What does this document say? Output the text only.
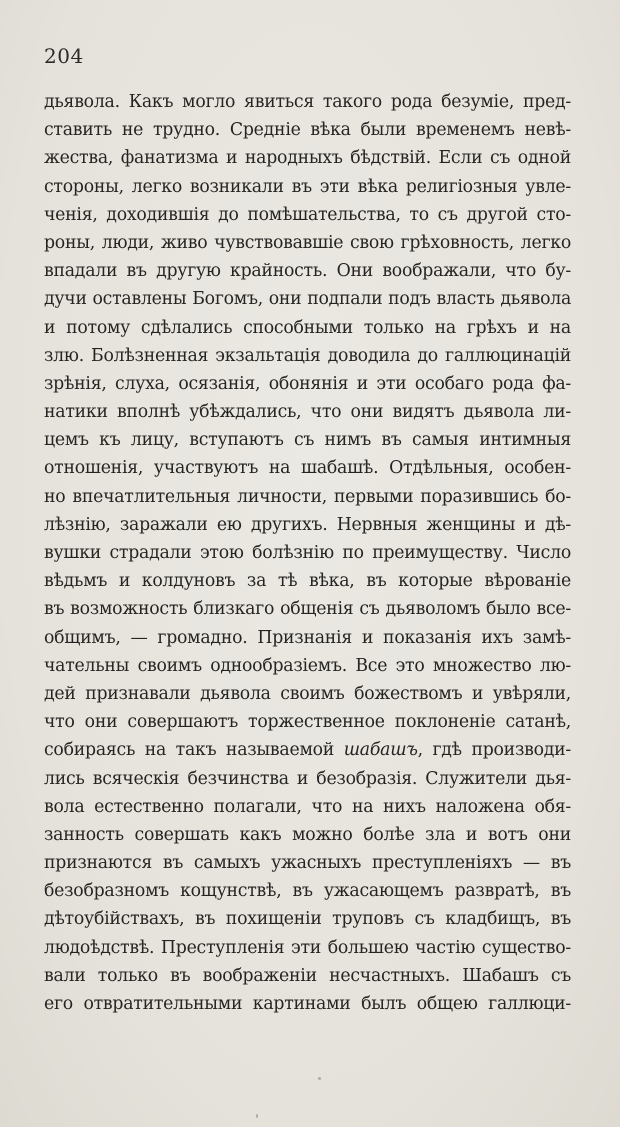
204
дьявола. Какъ могло явиться такого рода безуміе, пред-
ставить не трудно. Средніе вѣка были временемъ невѣ-
жества, фанатизма и народныхъ бѣдствій. Если съ одной
стороны, легко возникали въ эти вѣка религіозныя увле-
ченія, доходившія до помѣшательства, то съ другой сто-
роны, люди, живо чувствовавшіе свою грѣховность, легко
впадали въ другую крайность. Они воображали, что бу-
дучи оставлены Богомъ, они подпали подъ власть дьявола
и потому сдѣлались способными только на грѣхъ и на
злю. Болѣзненная экзальтація доводила до галлюцинацій
зрѣнія, слуха, осязанія, обонянія и эти особаго рода фа-
натики вполнѣ убѣждались, что они видятъ дьявола ли-
цемъ къ лицу, вступаютъ съ нимъ въ самыя интимныя
отношенія, участвуютъ на шабашѣ. Отдѣльныя, особен-
но впечатлительныя личности, первыми поразившись бо-
лѣзнію, заражали ею другихъ. Нервныя женщины и дѣ-
вушки страдали этою болѣзнію по преимуществу. Число
вѣдьмъ и колдуновъ за тѣ вѣка, въ которые вѣрованіе
въ возможность близкаго общенія съ дьяволомъ было все-
общимъ, — громадно. Признанія и показанія ихъ замѣ-
чательны своимъ однообразіемъ. Все это множество лю-
дей признавали дьявола своимъ божествомъ и увѣряли,
что они совершаютъ торжественное поклоненіе сатанѣ,
собираясь на такъ называемой шабашъ, гдѣ производи-
лись всяческія безчинства и безобразія. Служители дья-
вола естественно полагали, что на нихъ наложена обя-
занность совершать какъ можно болѣе зла и вотъ они
признаются въ самыхъ ужасныхъ преступленіяхъ — въ
безобразномъ кощунствѣ, въ ужасающемъ развратѣ, въ
дѣтоубійствахъ, въ похищеніи труповъ съ кладбищъ, въ
людоѣдствѣ. Преступленія эти большею частію существо-
вали только въ воображеніи несчастныхъ. Шабашъ съ
его отвратительными картинами былъ общею галлюци-
